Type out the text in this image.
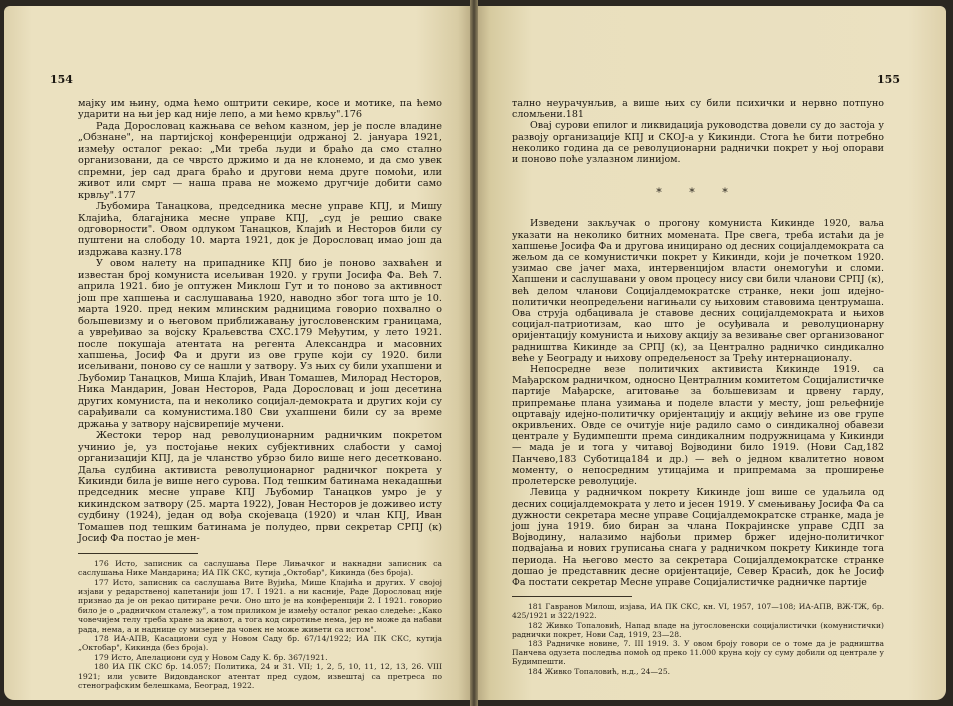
154

мајку им њину, одма ћемо оштрити секире, косе и мотике, па ћемо ударити на њи јер кад није лепо, а ми ћемо крвљу".176

Рада Дорословац кажњава се већом казном, јер је после владине „Обзнане", на партијској конференцији одржаној 2. јануара 1921, између осталог рекао: „Ми треба људи и браћо да смо стално организовани, да се чврсто држимо и да не клонемо, и да смо увек спремни, јер сад драга браћо и другови нема друге помоћи, или живот или смрт — наша права не можемо другчије добити само крвљу".177

Љубомира Танацкова, председника месне управе КПЈ, и Мишу Клајића, благајника месне управе КПЈ, „суд је решио сваке одговорности". Овом одлуком Танацков, Клајић и Несторов били су пуштени на слободу 10. марта 1921, док је Дорословац имао још да издржава казну.178

У овом налету на припаднике КПЈ био је поново захваћен и известан број комуниста исељиван 1920. у групи Јосифа Фа. Већ 7. априла 1921. био је оптужен Миклош Гут и то поново за активност још пре хапшења и саслушавања 1920, наводно због тога што је 10. марта 1920. пред неким млинским радницима говорио похвално о бољшевизму и о његовом приближавању југословенским границама, а увређивао за војску Краљевства СХС.179 Међутим, у лето 1921. после покушаја атентата на регента Александра и масовних хапшења, Јосиф Фа и други из ове групе који су 1920. били исељивани, поново су се нашли у затвору. Уз њих су били ухапшени и Љубомир Танацков, Миша Клајић, Иван Томашев, Милорад Несторов, Ника Мандарин, Јован Несторов, Рада Дорословац и још десетина других комуниста, па и неколико социјал-демократа и других који су сарађивали са комунистима.180 Сви ухапшени били су за време држања у затвору најсвирепије мучени.

Жестоки терор над револуционарним радничким покретом учинио је, уз постојање неких субјективних слабости у самој организацији КПЈ, да је чланство убрзо било више него десетковано. Даља судбина активиста револуционарног радничког покрета у Кикинди била је више него сурова. Под тешким батинама некадашњи председник месне управе КПЈ Љубомир Танацков умро је у кикиндском затвору (25. марта 1922), Јован Несторов је доживео исту судбину (1924), један од вођа скојеваца (1920) и члан КПЈ, Иван Томашев под тешким батинама је полудео, први секретар СРПЈ (к) Јосиф Фа постао је мен-

176 Исто, записник са саслушања Пере Лињачког и накнадни записник са саслушања Нике Мандарина; ИА ПК СКС, кутија „Октобар", Кикинда (без броја).
177 Исто, записник са саслушања Вите Вујића, Мише Клајића и других. У својој изјави у редарственој капетанији још 17. I 1921. а ни касније, Раде Дорословац није признао да је он рекао цитиране речи. Оно што је на конференцији 2. I 1921. говорио било је о „радничком сталежу", а том приликом је између осталог рекао следеће: „Како човечијем телу треба хране за живот, а тога код сиротиње нема, јер не може да набави рада, нема, а и наднице су мизерне да човек не може живети са истом".
178 ИА-АПВ, Касациони суд у Новом Саду бр. 67/14/1922; ИА ПК СКС, кутија „Октобар", Кикинда (без броја).
179 Исто, Апелациони суд у Новом Саду К. бр. 367/1921.
180 ИА ПК СКС бр. 14.057; Политика, 24 и 31. VII; 1, 2, 5, 10, 11, 12, 13, 26. VIII 1921; или усвите Видовданског атентат пред судом, извештај са претреса по стенографским белешкама, Београд, 1922.
155

тално неурачунљив, а више њих су били психички и нервно потпуно сломљени.181

Овај сурови епилог и ликвидација руководства довели су до застоја у развоју организације КПЈ и СКОЈ-а у Кикинди. Стога ће бити потребно неколико година да се револуционарни раднички покрет у њој опорави и поново поће узлазном линијом.

* * *

Изведени закључак о прогону комуниста Кикинде 1920, ваља указати на неколико битних момената. Пре свега, треба истаћи да је хапшење Јосифа Фа и другова иницирано од десних социјалдемократа са жељом да се комунистички покрет у Кикинди, који је почетком 1920. узимао све јачег маха, интервенцијом власти онемогући и сломи. Хапшени и саслушавани у овом процесу нису сви били чланови СРПЈ (к), већ делом чланови Социјалдемократске странке, неки још идејно-политички неопредељени нагињали су њиховим ставовима центрумаша. Ова струја одбацивала је ставове десних социјалдемократа и њихов социјал-патриотизам, као што је осуђивала и револуционарну оријентацију комуниста и њихову акцију за везивање свег организованог радништва Кикинде за СРПЈ (к), за Централно радничко синдикално веће у Београду и њихову опредељеност за Трећу интернационалу.

Непосредне везе политичких активиста Кикинде 1919. са Мађарском радничком, односно Централним комитетом Социјалистичке партије Мађарске, агитовање за бољшевизам и црвену гарду, припремање плана узимања и поделе власти у месту, још рељефније оцртавају идејно-политичку оријентацију и акцију већине из ове групе окривљених. Овде се очитује није радило само о синдикалној обавези централе у Будимпешти према синдикалним подружницама у Кикинди — мада је и тога у читавој Војводини било 1919. (Нови Сад,182 Панчево,183 Суботица184 и др.) — већ о једном квалитетно новом моменту, о непосредним утицајима и припремама за проширење пролетерске револуције.

Левица у радничком покрету Кикинде још више се удаљила од десних социјалдемократа у лето и јесен 1919. У смењивању Јосифа Фа са дужности секретара месне управе Социјалдемократске странке, мада је још јуна 1919. био биран за члана Покрајинске управе СДП за Војводину, налазимо најбољи пример бржег идејно-политичког подвајања и нових груписања снага у радничком покрету Кикинде тога периода. На његово место за секретара Социјалдемократске странке дошао је представник десне оријентације, Север Красић, док ће Јосиф Фа постати секретар Месне управе Социјалистичке радничке партије

181 Гавранов Милош, изјава, ИА ПК СКС, кн. VI, 1957, 107—108; ИА-АПВ, ВЖ-ТЖ, бр. 425/1921 и 322/1922.
182 Живко Топаловић, Напад владе на југословенски социјалистички (комунистички) раднички покрет, Нови Сад, 1919, 23—28.
183 Радничке новине, 7. III 1919. 3. У овом броју говори се о томе да је радништва Панчева одузета последња помоћ од преко 11.000 круна коју су суму добили од централе у Будимпешти.
184 Живко Топаловић, н.д., 24—25.
